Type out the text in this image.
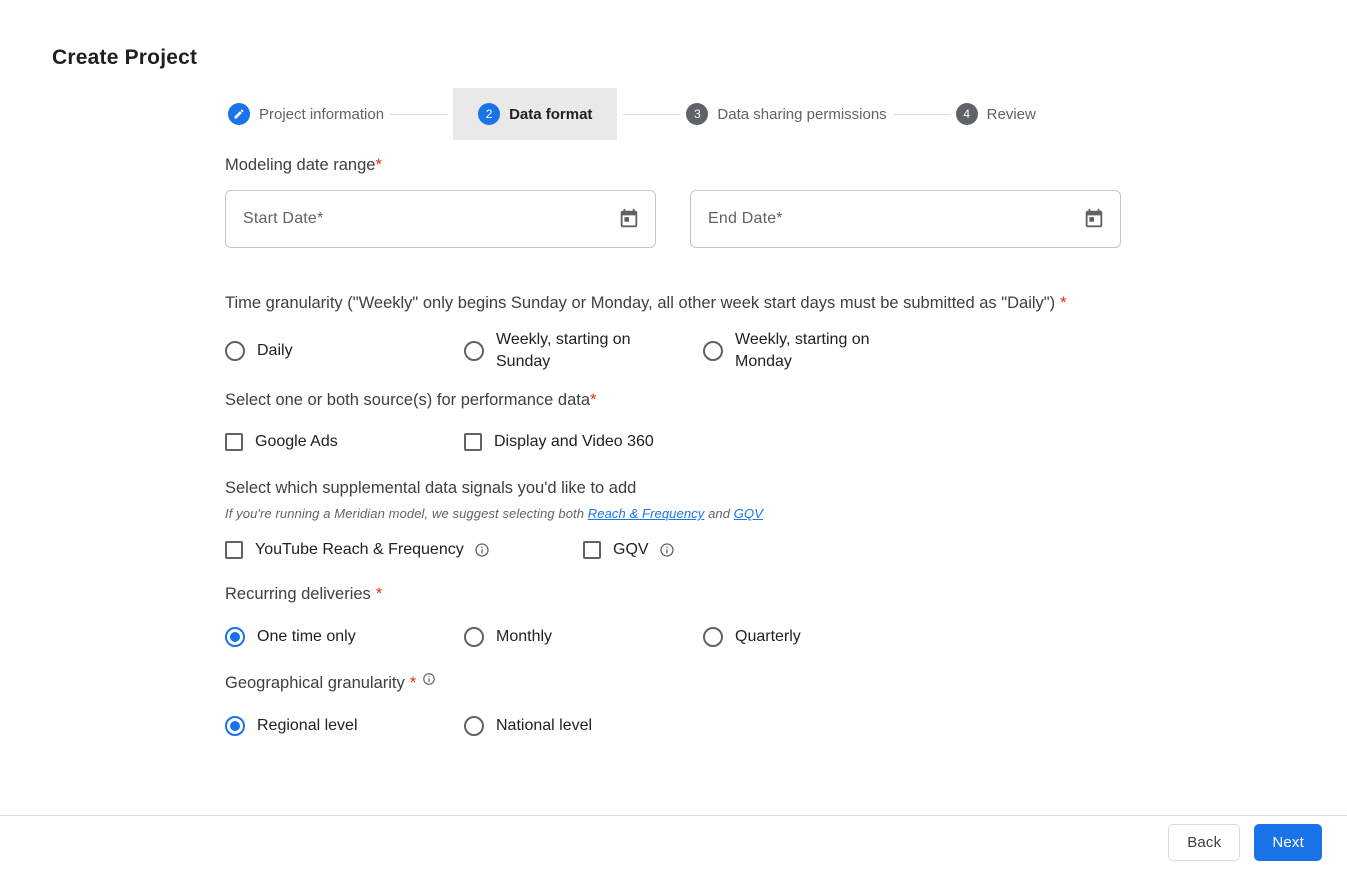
Create Project
Project information	2	Data format	3	Data sharing permissions	4	Review
Modeling date range*
Start Date*	End Date*
Time granularity ("Weekly" only begins Sunday or Monday, all other week start days must be submitted as "Daily") *
Daily
Weekly, starting on Sunday
Weekly, starting on Monday
Select one or both source(s) for performance data*
Google Ads	Display and Video 360
Select which supplemental data signals you'd like to add
If you're running a Meridian model, we suggest selecting both Reach & Frequency and GQV
YouTube Reach & Frequency	GQV
Recurring deliveries *
One time only	Monthly	Quarterly
Geographical granularity *
Regional level	National level
Back	Next
